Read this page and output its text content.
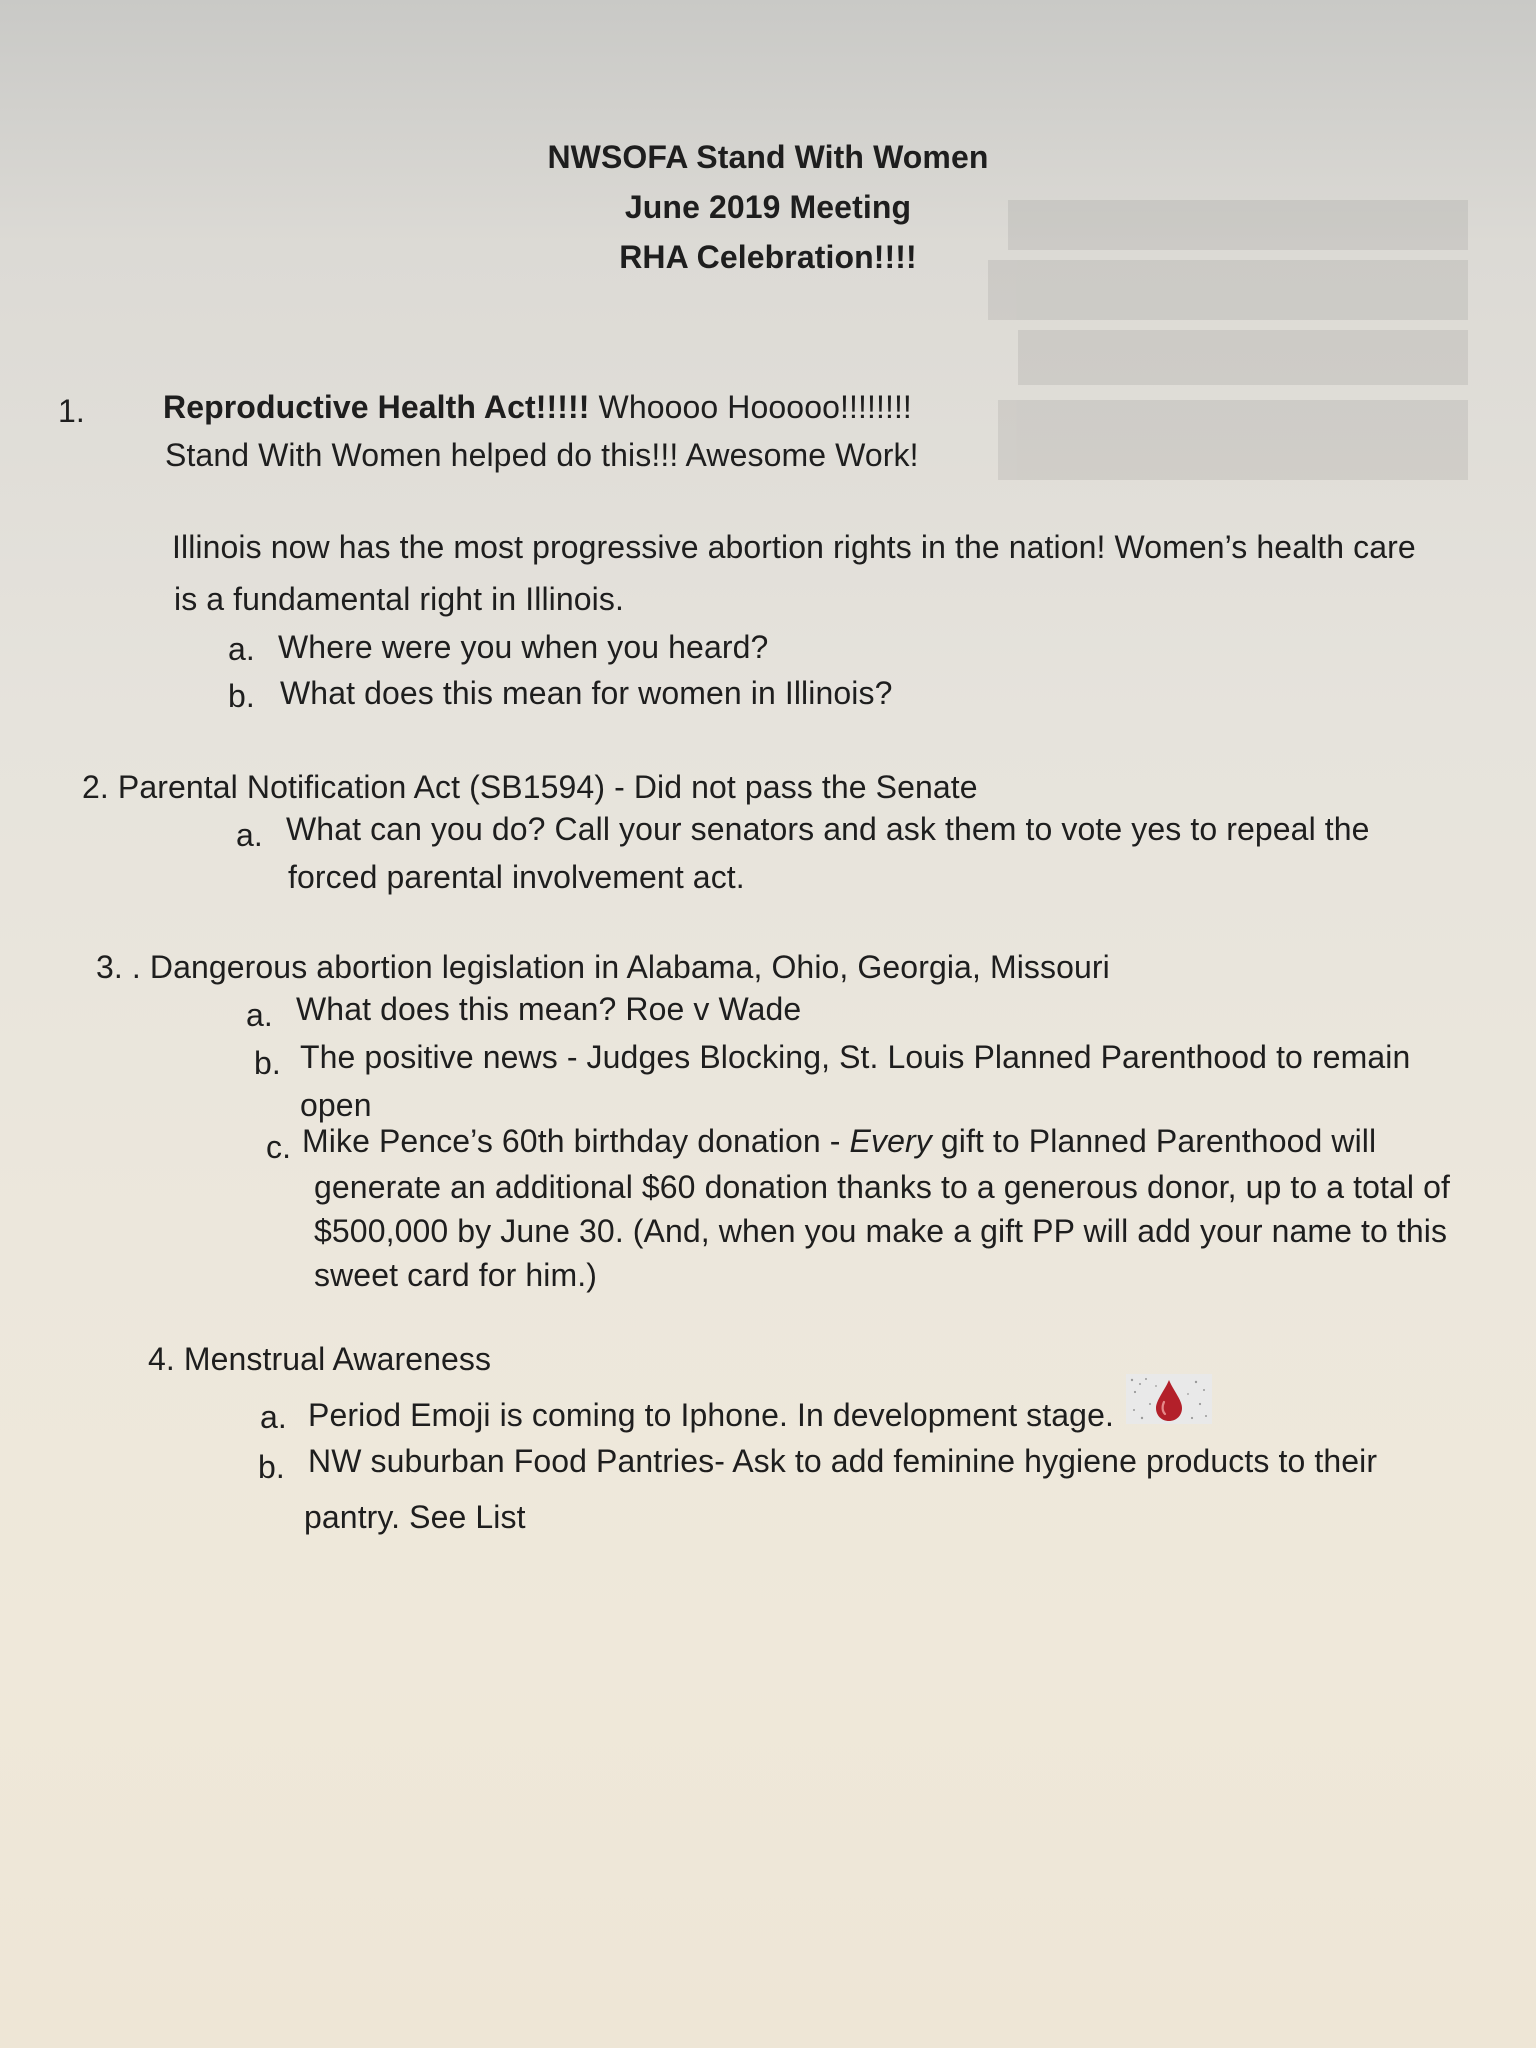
NWSOFA Stand With Women
June 2019 Meeting
RHA Celebration!!!!
1. Reproductive Health Act!!!!! Whoooo Hooooo!!!!!!!!
Stand With Women helped do this!!! Awesome Work!
Illinois now has the most progressive abortion rights in the nation! Women’s health care
is a fundamental right in Illinois.
a. Where were you when you heard?
b. What does this mean for women in Illinois?
2. Parental Notification Act (SB1594) - Did not pass the Senate
a. What can you do? Call your senators and ask them to vote yes to repeal the
forced parental involvement act.
3. . Dangerous abortion legislation in Alabama, Ohio, Georgia, Missouri
a. What does this mean? Roe v Wade
b. The positive news - Judges Blocking, St. Louis Planned Parenthood to remain
open
c. Mike Pence’s 60th birthday donation - Every gift to Planned Parenthood will
generate an additional $60 donation thanks to a generous donor, up to a total of
$500,000 by June 30. (And, when you make a gift PP will add your name to this
sweet card for him.)
4. Menstrual Awareness
a. Period Emoji is coming to Iphone. In development stage.
b. NW suburban Food Pantries- Ask to add feminine hygiene products to their
pantry. See List
